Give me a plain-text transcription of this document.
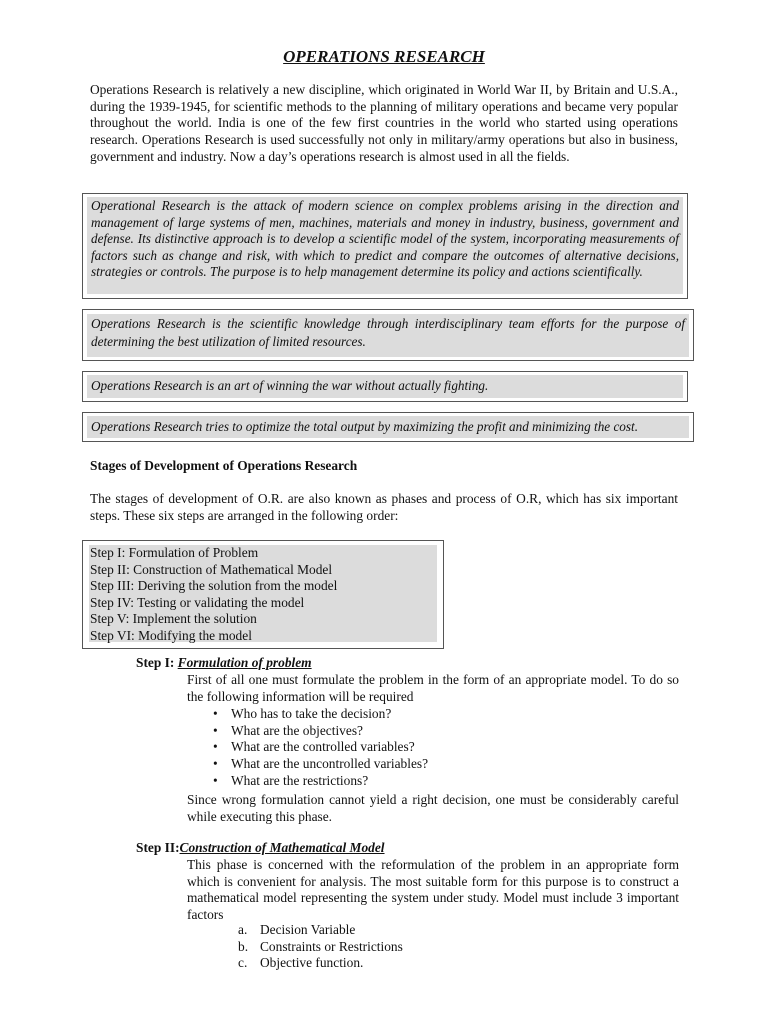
OPERATIONS RESEARCH
Operations Research is relatively a new discipline, which originated in World War II, by Britain and U.S.A., during the 1939-1945, for scientific methods to the planning of military operations and became very popular throughout the world. India is one of the few first countries in the world who started using operations research. Operations Research is used successfully not only in military/army operations but also in business, government and industry. Now a day’s operations research is almost used in all the fields.
Operational Research is the attack of modern science on complex problems arising in the direction and management of large systems of men, machines, materials and money in industry, business, government and defense. Its distinctive approach is to develop a scientific model of the system, incorporating measurements of factors such as change and risk, with which to predict and compare the outcomes of alternative decisions, strategies or controls. The purpose is to help management determine its policy and actions scientifically.
Operations Research is the scientific knowledge through interdisciplinary team efforts for the purpose of determining the best utilization of limited resources.
Operations Research is an art of winning the war without actually fighting.
Operations Research tries to optimize the total output by maximizing the profit and minimizing the cost.
Stages of Development of Operations Research
The stages of development of O.R. are also known as phases and process of O.R, which has six important steps. These six steps are arranged in the following order:
Step I: Formulation of Problem
Step II: Construction of Mathematical Model
Step III: Deriving the solution from the model
Step IV: Testing or validating the model
Step V: Implement the solution
Step VI: Modifying the model
Step I: Formulation of problem
First of all one must formulate the problem in the form of an appropriate model. To do so the following information will be required
• Who has to take the decision?
• What are the objectives?
• What are the controlled variables?
• What are the uncontrolled variables?
• What are the restrictions?
Since wrong formulation cannot yield a right decision, one must be considerably careful while executing this phase.
Step II:Construction of Mathematical Model
This phase is concerned with the reformulation of the problem in an appropriate form which is convenient for analysis. The most suitable form for this purpose is to construct a mathematical model representing the system under study. Model must include 3 important factors
a. Decision Variable
b. Constraints or Restrictions
c. Objective function.
